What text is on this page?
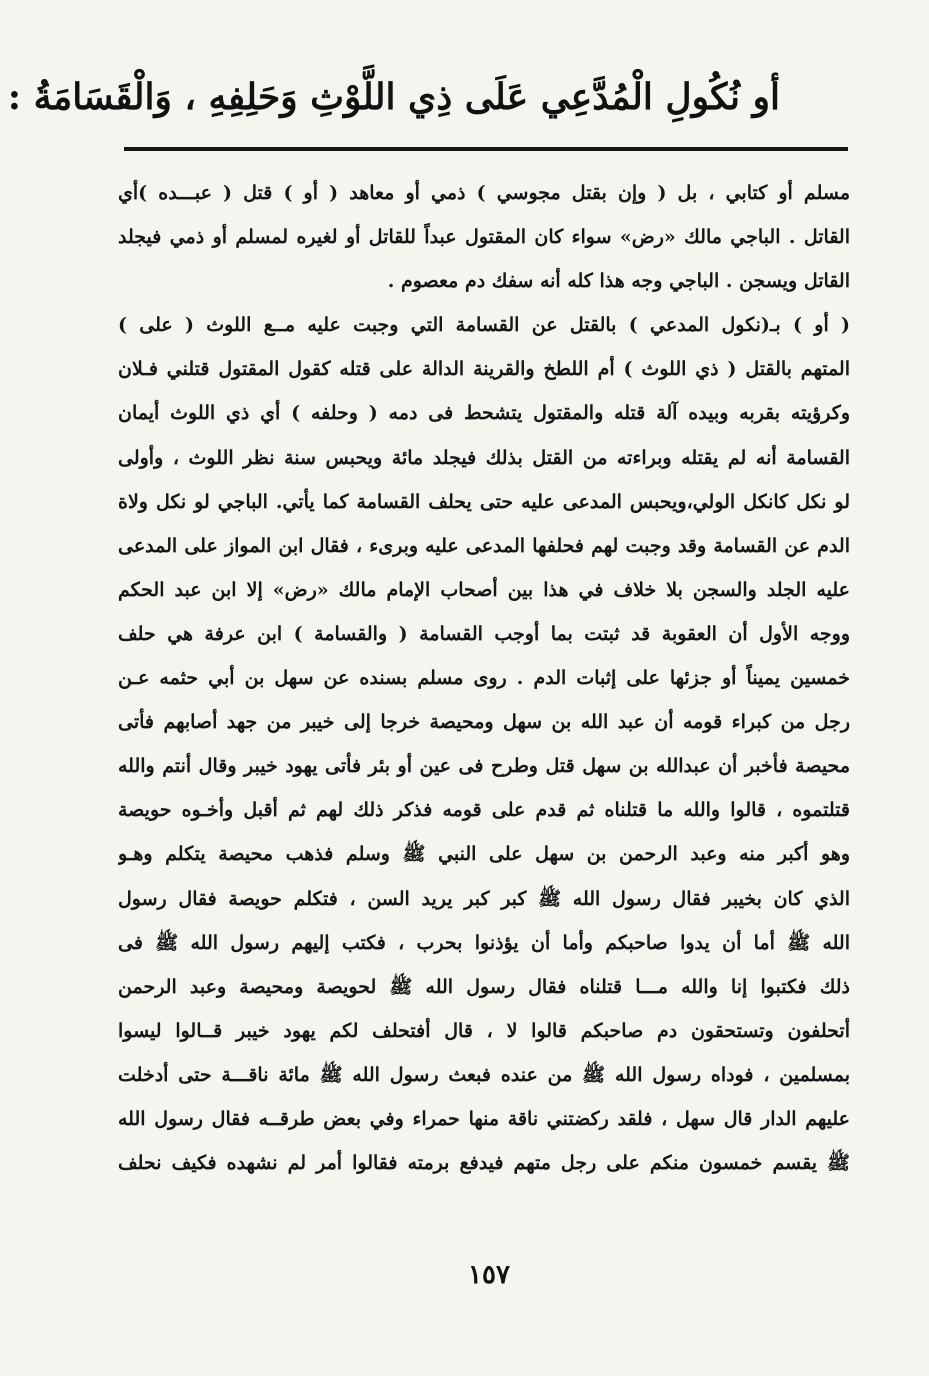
أو نُكُولِ الْمُدَّعِي عَلَى ذِي اللَّوْثِ وَحَلِفِهِ ، وَالْقَسَامَةُ :
مسلم أو كتابي ، بل ( وإن بقتل مجوسي ) ذمي أو معاهد ( أو ) قتل ( عبـــده )أي
القاتل . الباجي مالك «رض» سواء كان المقتول عبداً للقاتل أو لغيره لمسلم أو ذمي فيجلد
القاتل ويسجن . الباجي وجه هذا كله أنه سفك دم معصوم .
( أو ) بـ(نكول المدعي ) بالقتل عن القسامة التي وجبت عليه مــع اللوث ( على )
المتهم بالقتل ( ذي اللوث ) أم اللطخ والقرينة الدالة على قتله كقول المقتول قتلني فـلان
وكرؤيته بقربه وبيده آلة قتله والمقتول يتشحط فى دمه ( وحلفه ) أي ذي اللوث أيمان
القسامة أنه لم يقتله وبراءته من القتل بذلك فيجلد مائة ويحبس سنة نظر اللوث ، وأولى
لو نكل كانكل الولي،ويحبس المدعى عليه حتى يحلف القسامة كما يأتي. الباجي لو نكل ولاة
الدم عن القسامة وقد وجبت لهم فحلفها المدعى عليه وبرىء ، فقال ابن المواز على المدعى
عليه الجلد والسجن بلا خلاف في هذا بين أصحاب الإمام مالك «رض» إلا ابن عبد الحكم
ووجه الأول أن العقوبة قد ثبتت بما أوجب القسامة ( والقسامة ) ابن عرفة هي حلف
خمسين يميناً أو جزئها على إثبات الدم . روى مسلم بسنده عن سهل بن أبي حثمه عـن
رجل من كبراء قومه أن عبد الله بن سهل ومحيصة خرجا إلى خيبر من جهد أصابهم فأتى
محيصة فأخبر أن عبدالله بن سهل قتل وطرح فى عين أو بئر فأتى يهود خيبر وقال أنتم والله
قتلتموه ، قالوا والله ما قتلناه ثم قدم على قومه فذكر ذلك لهم ثم أقبل وأخـوه حويصة
وهو أكبر منه وعبد الرحمن بن سهل على النبي ﷺ وسلم فذهب محيصة يتكلم وهـو
الذي كان بخيبر فقال رسول الله ﷺ كبر كبر يريد السن ، فتكلم حويصة فقال رسول
الله ﷺ أما أن يدوا صاحبكم وأما أن يؤذنوا بحرب ، فكتب إليهم رسول الله ﷺ فى
ذلك فكتبوا إنا والله مـــا قتلناه فقال رسول الله ﷺ لحويصة ومحيصة وعبد الرحمن
أتحلفون وتستحقون دم صاحبكم قالوا لا ، قال أفتحلف لكم يهود خيبر قــالوا ليسوا
بمسلمين ، فوداه رسول الله ﷺ من عنده فبعث رسول الله ﷺ مائة ناقـــة حتى أدخلت
عليهم الدار قال سهل ، فلقد ركضتني ناقة منها حمراء وفي بعض طرقــه فقال رسول الله
ﷺ يقسم خمسون منكم على رجل متهم فيدفع برمته فقالوا أمر لم نشهده فكيف نحلف
١٥٧
